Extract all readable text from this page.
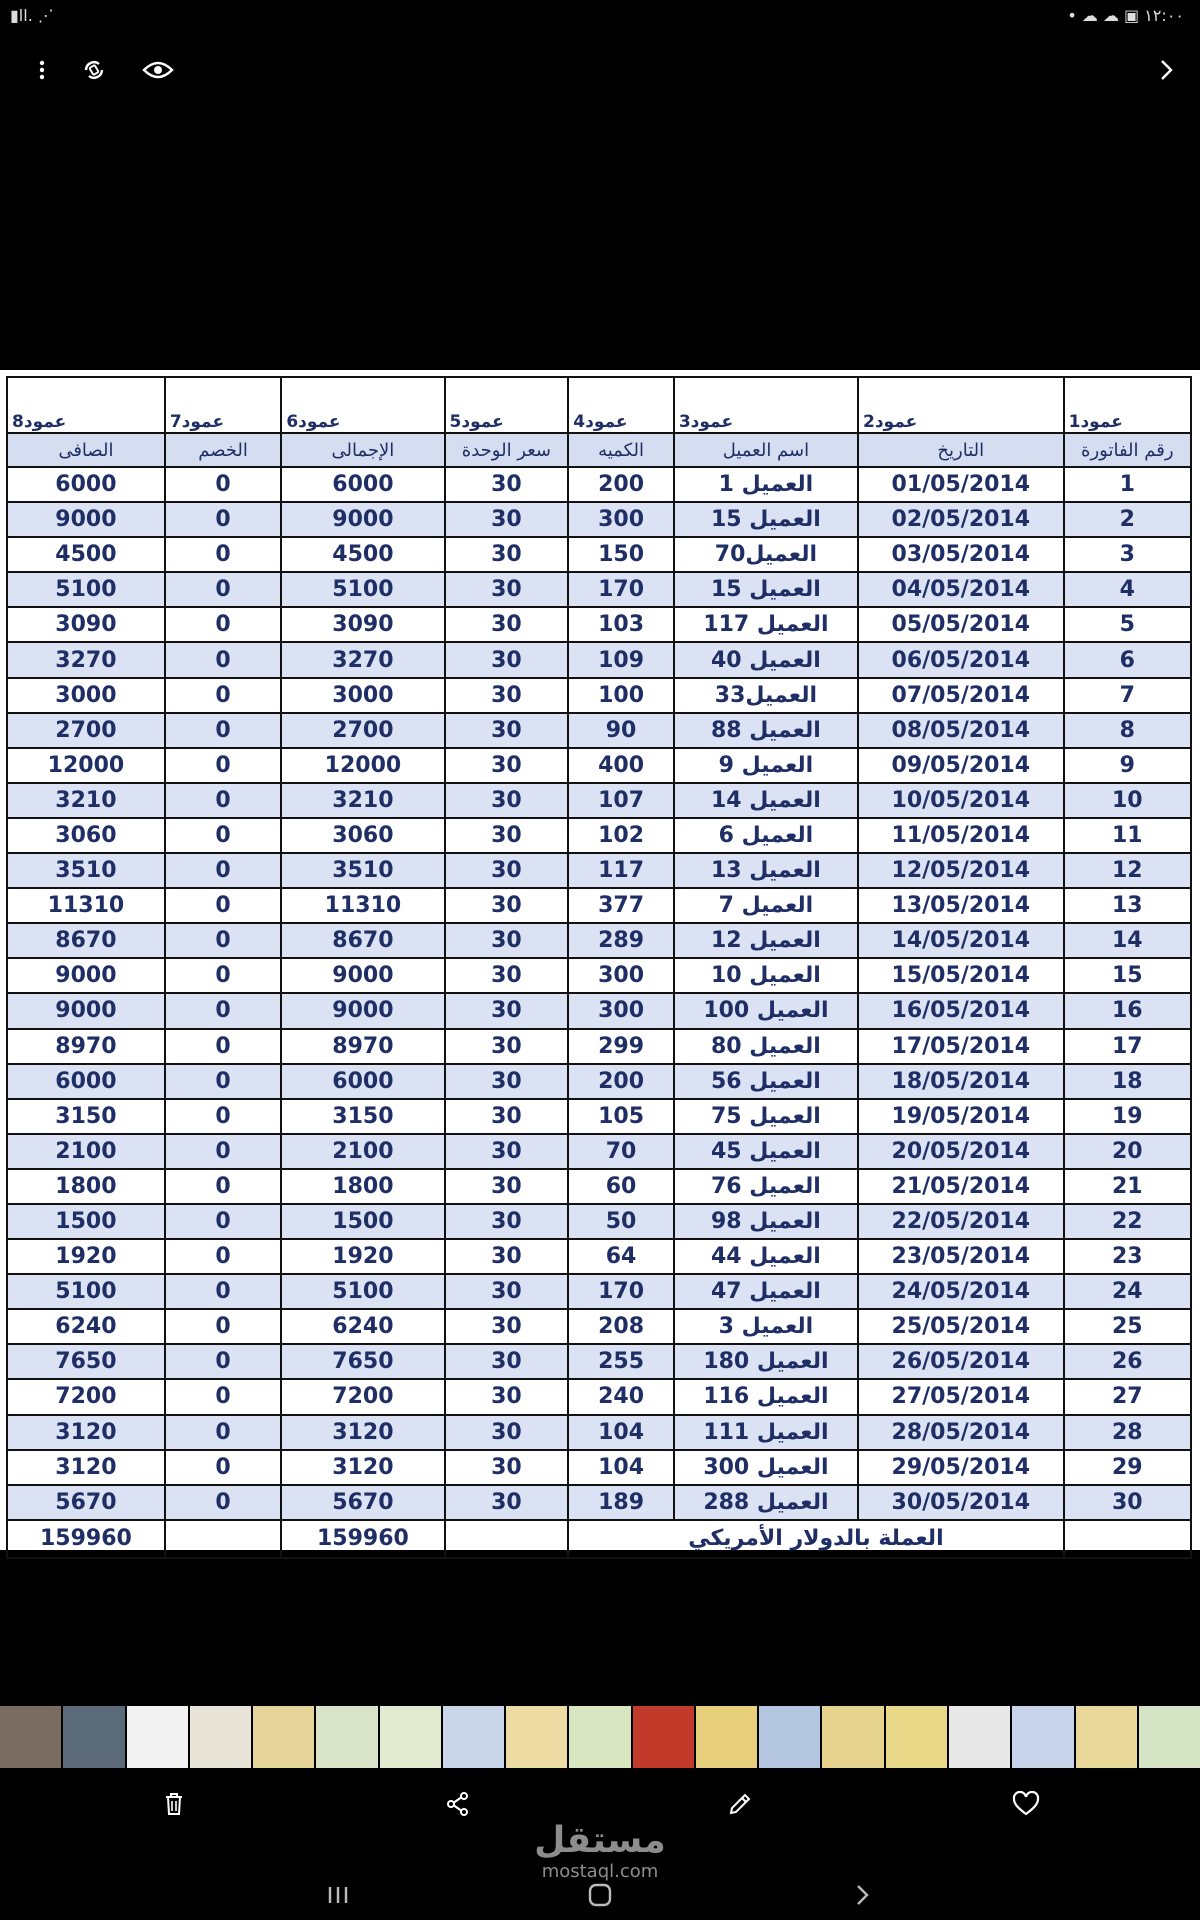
▮ll. ⋰	• ☁ ☁ ▣ ١٢:٠٠
عمود1	عمود2	عمود3	عمود4	عمود5	عمود6	عمود7	عمود8
رقم الفاتورة	التاريخ	اسم العميل	الكميه	سعر الوحدة	الإجمالى	الخصم	الصافى
1	01/05/2014	العميل 1	200	30	6000	0	6000
2	02/05/2014	العميل 15	300	30	9000	0	9000
3	03/05/2014	العميل70	150	30	4500	0	4500
4	04/05/2014	العميل 15	170	30	5100	0	5100
5	05/05/2014	العميل 117	103	30	3090	0	3090
6	06/05/2014	العميل 40	109	30	3270	0	3270
7	07/05/2014	العميل33	100	30	3000	0	3000
8	08/05/2014	العميل 88	90	30	2700	0	2700
9	09/05/2014	العميل 9	400	30	12000	0	12000
10	10/05/2014	العميل 14	107	30	3210	0	3210
11	11/05/2014	العميل 6	102	30	3060	0	3060
12	12/05/2014	العميل 13	117	30	3510	0	3510
13	13/05/2014	العميل 7	377	30	11310	0	11310
14	14/05/2014	العميل 12	289	30	8670	0	8670
15	15/05/2014	العميل 10	300	30	9000	0	9000
16	16/05/2014	العميل 100	300	30	9000	0	9000
17	17/05/2014	العميل 80	299	30	8970	0	8970
18	18/05/2014	العميل 56	200	30	6000	0	6000
19	19/05/2014	العميل 75	105	30	3150	0	3150
20	20/05/2014	العميل 45	70	30	2100	0	2100
21	21/05/2014	العميل 76	60	30	1800	0	1800
22	22/05/2014	العميل 98	50	30	1500	0	1500
23	23/05/2014	العميل 44	64	30	1920	0	1920
24	24/05/2014	العميل 47	170	30	5100	0	5100
25	25/05/2014	العميل 3	208	30	6240	0	6240
26	26/05/2014	العميل 180	255	30	7650	0	7650
27	27/05/2014	العميل 116	240	30	7200	0	7200
28	28/05/2014	العميل 111	104	30	3120	0	3120
29	29/05/2014	العميل 300	104	30	3120	0	3120
30	30/05/2014	العميل 288	189	30	5670	0	5670
	العملة بالدولار الأمريكي				159960		159960
مستقل
mostaql.com
